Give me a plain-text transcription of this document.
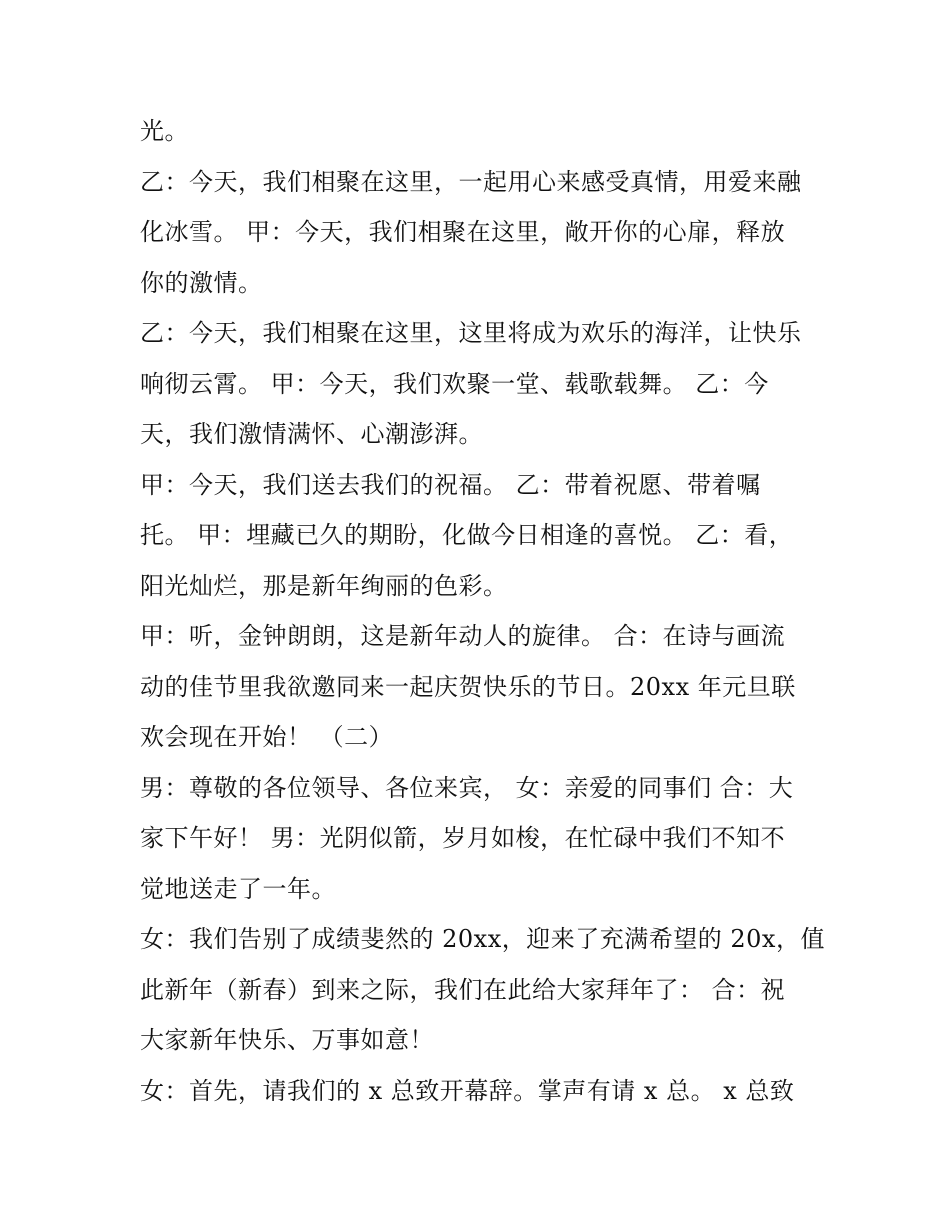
光。
乙：今天，我们相聚在这里，一起用心来感受真情，用爱来融
化冰雪。 甲：今天，我们相聚在这里，敞开你的心扉，释放
你的激情。
乙：今天，我们相聚在这里，这里将成为欢乐的海洋，让快乐
响彻云霄。 甲：今天，我们欢聚一堂、载歌载舞。 乙：今
天，我们激情满怀、心潮澎湃。
甲：今天，我们送去我们的祝福。 乙：带着祝愿、带着嘱
托。 甲：埋藏已久的期盼，化做今日相逢的喜悦。 乙：看，
阳光灿烂，那是新年绚丽的色彩。
甲：听，金钟朗朗，这是新年动人的旋律。 合：在诗与画流
动的佳节里我欲邀同来一起庆贺快乐的节日。20xx 年元旦联
欢会现在开始！ （二）
男：尊敬的各位领导、各位来宾， 女：亲爱的同事们 合：大
家下午好！ 男：光阴似箭，岁月如梭，在忙碌中我们不知不
觉地送走了一年。
女：我们告别了成绩斐然的 20xx，迎来了充满希望的 20x，值
此新年（新春）到来之际，我们在此给大家拜年了： 合：祝
大家新年快乐、万事如意！
女：首先，请我们的 x 总致开幕辞。掌声有请 x 总。 x 总致
